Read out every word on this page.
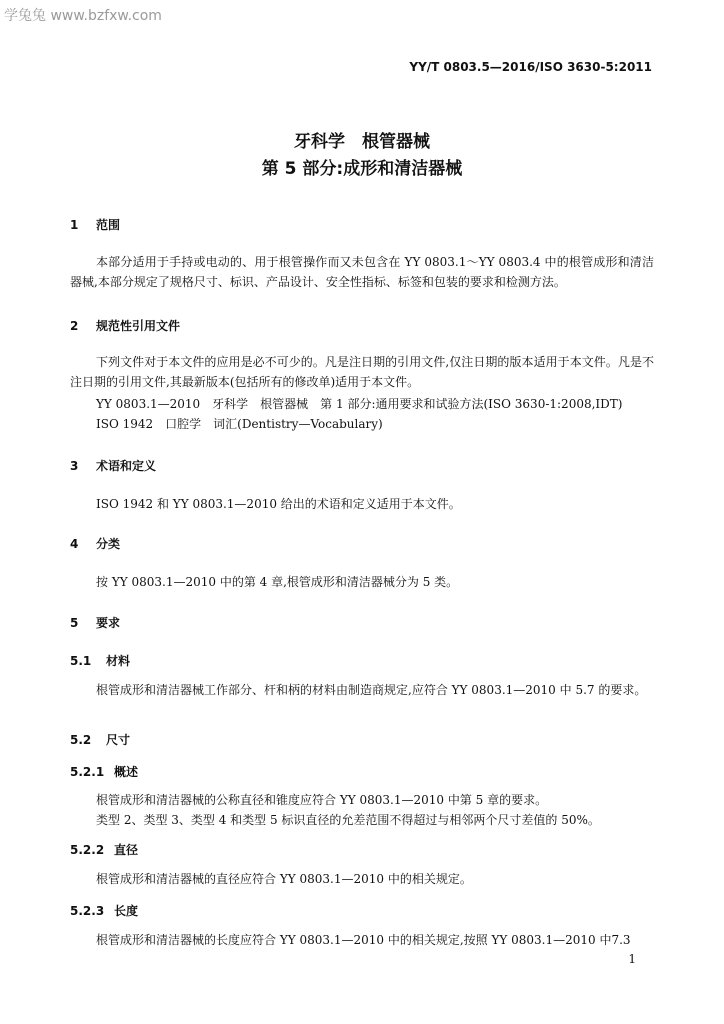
学兔兔 www.bzfxw.com
YY/T 0803.5—2016/ISO 3630-5:2011
牙科学　根管器械
第 5 部分:成形和清洁器械
1 范围
本部分适用于手持或电动的、用于根管操作而又未包含在 YY 0803.1～YY 0803.4 中的根管成形和清洁器械,本部分规定了规格尺寸、标识、产品设计、安全性指标、标签和包装的要求和检测方法。
2 规范性引用文件
下列文件对于本文件的应用是必不可少的。凡是注日期的引用文件,仅注日期的版本适用于本文件。凡是不注日期的引用文件,其最新版本(包括所有的修改单)适用于本文件。
YY 0803.1—2010　牙科学　根管器械　第 1 部分:通用要求和试验方法(ISO 3630-1:2008,IDT)
ISO 1942　口腔学　词汇(Dentistry—Vocabulary)
3 术语和定义
ISO 1942 和 YY 0803.1—2010 给出的术语和定义适用于本文件。
4 分类
按 YY 0803.1—2010 中的第 4 章,根管成形和清洁器械分为 5 类。
5 要求
5.1 材料
根管成形和清洁器械工作部分、杆和柄的材料由制造商规定,应符合 YY 0803.1—2010 中 5.7 的要求。
5.2 尺寸
5.2.1 概述
根管成形和清洁器械的公称直径和锥度应符合 YY 0803.1—2010 中第 5 章的要求。
类型 2、类型 3、类型 4 和类型 5 标识直径的允差范围不得超过与相邻两个尺寸差值的 50%。
5.2.2 直径
根管成形和清洁器械的直径应符合 YY 0803.1—2010 中的相关规定。
5.2.3 长度
根管成形和清洁器械的长度应符合 YY 0803.1—2010 中的相关规定,按照 YY 0803.1—2010 中7.3
1
